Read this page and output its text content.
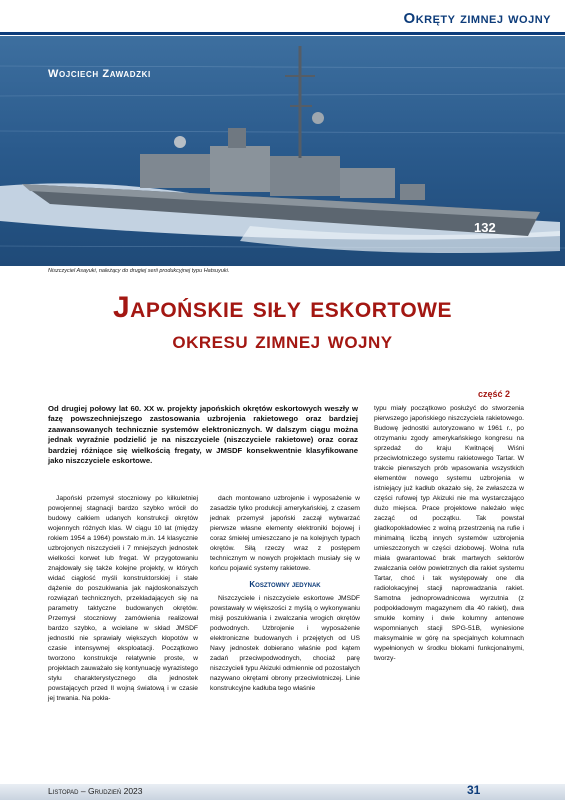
Okręty zimnej wojny
132
Wojciech Zawadzki
Niszczyciel Asayuki, należący do drugiej serii produkcyjnej typu Hatsuyuki.
Japońskie siły eskortowe
okresu zimnej wojny
część 2
Od drugiej połowy lat 60. XX w. projekty japońskich okrętów eskortowych weszły w fazę powszechniejszego zastosowania uzbrojenia rakietowego oraz bardziej zaawansowanych technicznie systemów elektronicznych. W dalszym ciągu można jednak wyraźnie podzielić je na niszczyciele (niszczyciele rakietowe) oraz coraz bardziej różniące się wielkością fregaty, w JMSDF konsekwentnie klasyfikowane jako niszczyciele eskortowe.

Japoński przemysł stoczniowy po kilkuletniej powojennej stagnacji bardzo szybko wrócił do budowy całkiem udanych konstrukcji okrętów wojennych różnych klas. W ciągu 10 lat (między rokiem 1954 a 1964) powstało m.in. 14 klasycznie uzbrojonych niszczycieli i 7 mniejszych jednostek wielkości korwet lub fregat. W przygotowaniu znajdowały się także kolejne projekty, w których widać ciągłość myśli konstruktorskiej i stałe dążenie do poszukiwania jak najdoskonalszych rozwiązań technicznych, przekładających się na parametry taktyczne budowanych okrętów. Przemysł stoczniowy zamówienia realizował bardzo szybko, a wcielane w skład JMSDF jednostki nie sprawiały większych kłopotów w czasie intensywnej eksploatacji. Początkowo tworzono konstrukcje relatywnie proste, w projektach zauważało się kontynuację wyrazistego stylu charakterystycznego dla jednostek powstających przed II wojną światową i w czasie jej trwania. Na pokła-

dach montowano uzbrojenie i wyposażenie w zasadzie tylko produkcji amerykańskiej, z czasem jednak przemysł japoński zaczął wytwarzać pierwsze własne elementy elektroniki bojowej i coraz śmielej umieszczano je na kolejnych typach okrętów. Siłą rzeczy wraz z postępem technicznym w nowych projektach musiały się w końcu pojawić systemy rakietowe.

Kosztowny jedynak

Niszczyciele i niszczyciele eskortowe JMSDF powstawały w większości z myślą o wykonywaniu misji poszukiwania i zwalczania wrogich okrętów podwodnych. Uzbrojenie i wyposażenie elektroniczne budowanych i przejętych od US Navy jednostek dobierano właśnie pod kątem zadań przeciwpodwodnych, chociaż parę niszczycieli typu Akizuki odmiennie od pozostałych nazywano okrętami obrony przeciwlotniczej. Linie konstrukcyjne kadłuba tego właśnie

typu miały początkowo posłużyć do stworzenia pierwszego japońskiego niszczyciela rakietowego. Budowę jednostki autoryzowano w 1961 r., po otrzymaniu zgody amerykańskiego kongresu na sprzedaż do kraju Kwitnącej Wiśni przeciwlotniczego systemu rakietowego Tartar. W trakcie pierwszych prób wpasowania wszystkich elementów nowego systemu uzbrojenia w istniejący już kadłub okazało się, że zwłaszcza w części rufowej typ Akizuki nie ma wystarczająco dużo miejsca. Prace projektowe należało więc zacząć od początku. Tak powstał gładkopokładowiec z wolną przestrzenią na rufie i minimalną liczbą innych systemów uzbrojenia umieszczonych w części dziobowej. Wolna rufa miała gwarantować brak martwych sektorów zwalczania celów powietrznych dla rakiet systemu Tartar, choć i tak występowały one dla radiolokacyjnej stacji naprowadzania rakiet. Samotna jednoprowadnicowa wyrzutnia (z podpokładowym magazynem dla 40 rakiet), dwa smukłe kominy i dwie kolumny antenowe wspomnianych stacji SPG-51B, wyniesione maksymalnie w górę na specjalnych kolumnach wypełnionych w środku blokami funkcjonalnymi, tworzy-

Listopad – Grudzień 2023	31
